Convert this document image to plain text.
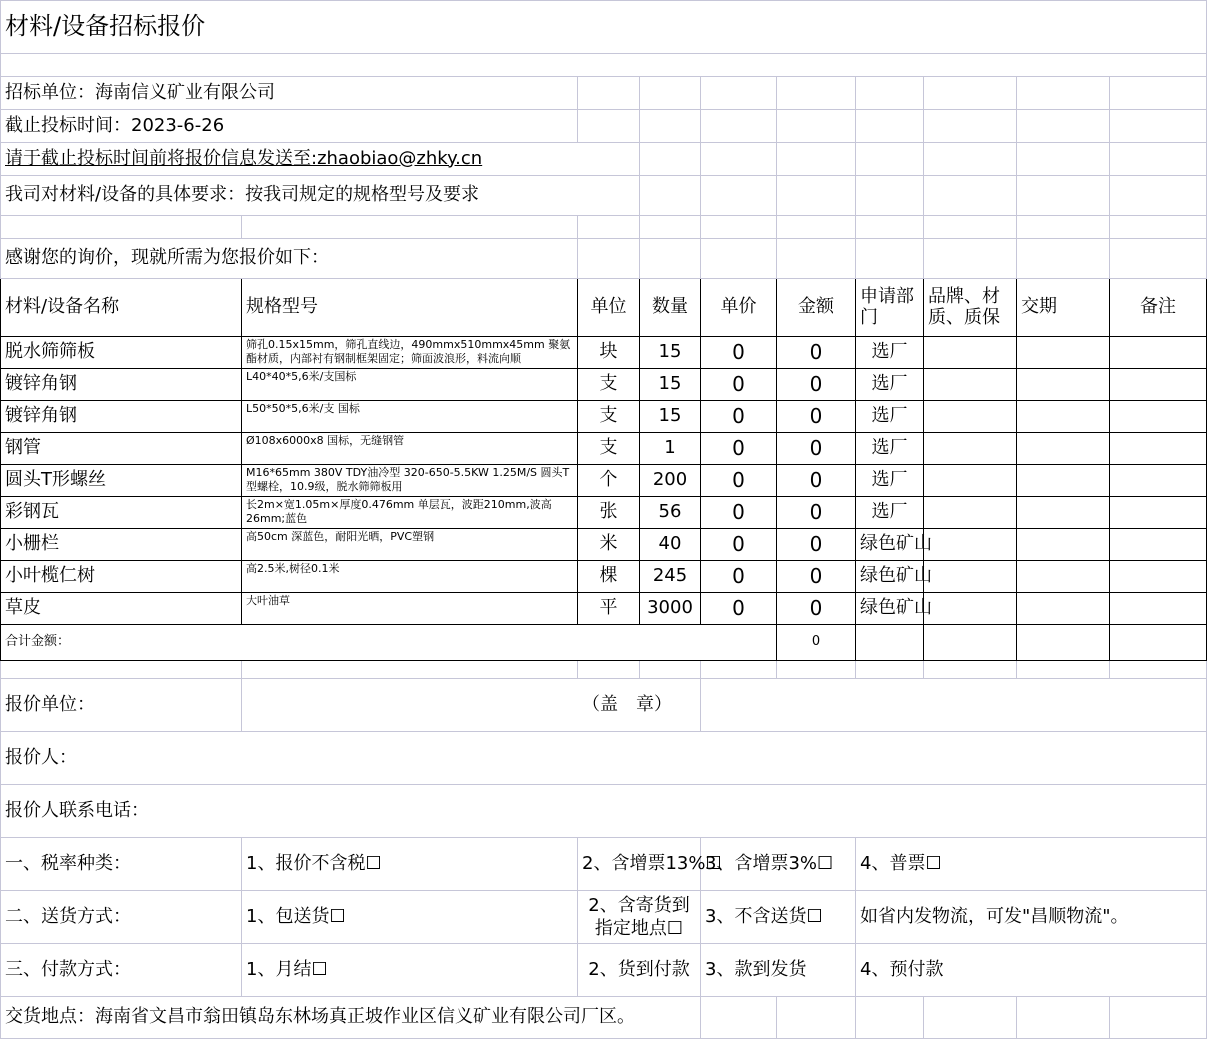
材料/设备招标报价									

招标单位：海南信义矿业有限公司									
截止投标时间：2023-6-26									
请于截止投标时间前将报价信息发送至:zhaobiao@zhky.cn									
我司对材料/设备的具体要求：按我司规定的规格型号及要求									

感谢您的询价，现就所需为您报价如下：									
材料/设备名称	规格型号	单位	数量	单价	金额	申请部门	品牌、材质、质保	交期	备注
脱水筛筛板	筛孔0.15x15mm，筛孔直线边，490mmx510mmx45mm 聚氨酯材质，内部衬有钢制框架固定；筛面波浪形，料流向顺	块	15	0	0	选厂			
镀锌角钢	L40*40*5,6米/支国标	支	15	0	0	选厂			
镀锌角钢	L50*50*5,6米/支 国标	支	15	0	0	选厂			
钢管	Ø108x6000x8 国标，无缝钢管	支	1	0	0	选厂			
圆头T形螺丝	M16*65mm 380V TDY油冷型 320-650-5.5KW 1.25M/S 圆头T型螺栓，10.9级，脱水筛筛板用	个	200	0	0	选厂			
彩钢瓦	长2m×宽1.05m×厚度0.476mm 单层瓦，波距210mm,波高26mm;蓝色	张	56	0	0	选厂			
小栅栏	高50cm 深蓝色，耐阳光晒，PVC塑钢	米	40	0	0	绿色矿山			
小叶榄仁树	高2.5米,树径0.1米	棵	245	0	0	绿色矿山			
草皮	大叶油草	平	3000	0	0	绿色矿山			
合计金额：					0				

报价单位：		（盖　章）							
报价人：									
报价人联系电话：									
一、税率种类：	1、报价不含税☐	2、含增票13%☐		3、含增票3%☐		4、普票☐			
二、送货方式：	1、包送货☐	2、含寄货到指定地点☐		3、不含送货☐		如省内发物流，可发"昌顺物流"。			
三、付款方式：	1、月结☐	2、货到付款		3、款到发货		4、预付款			
交货地点：海南省文昌市翁田镇岛东林场真正坡作业区信义矿业有限公司厂区。									
